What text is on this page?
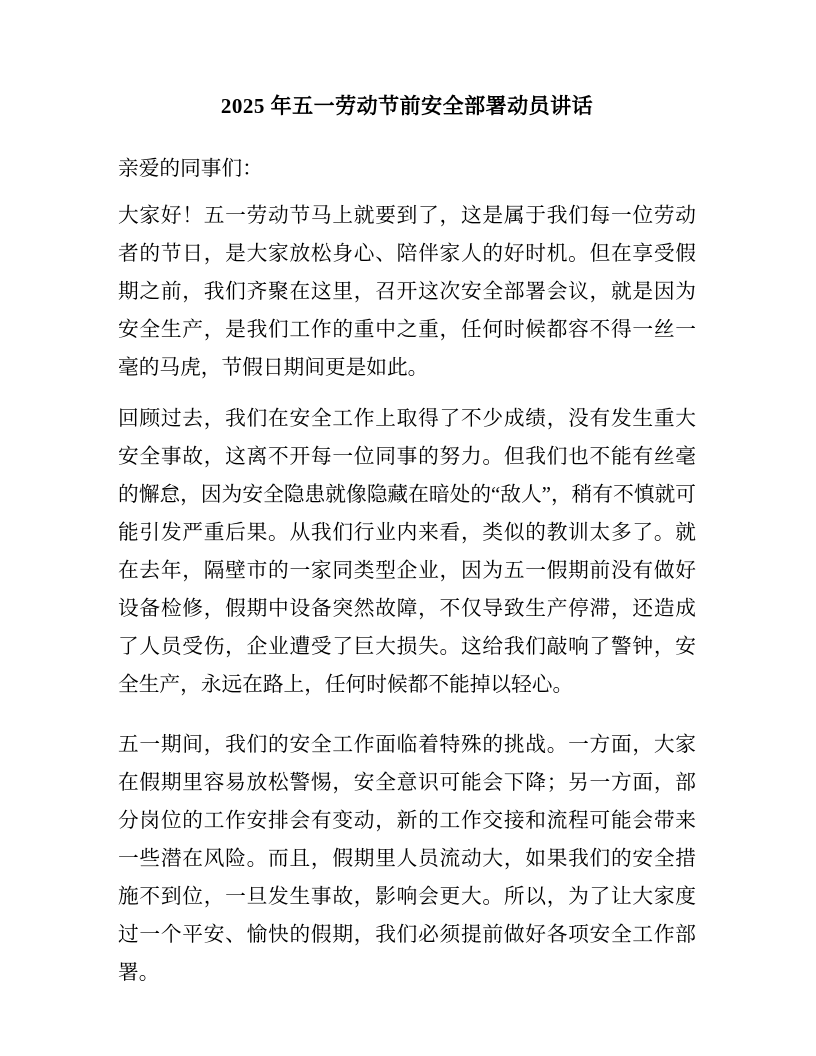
2025 年五一劳动节前安全部署动员讲话

亲爱的同事们：

大家好！五一劳动节马上就要到了，这是属于我们每一位劳动者的节日，是大家放松身心、陪伴家人的好时机。但在享受假期之前，我们齐聚在这里，召开这次安全部署会议，就是因为安全生产，是我们工作的重中之重，任何时候都容不得一丝一毫的马虎，节假日期间更是如此。

回顾过去，我们在安全工作上取得了不少成绩，没有发生重大安全事故，这离不开每一位同事的努力。但我们也不能有丝毫的懈怠，因为安全隐患就像隐藏在暗处的“敌人”，稍有不慎就可能引发严重后果。从我们行业内来看，类似的教训太多了。就在去年，隔壁市的一家同类型企业，因为五一假期前没有做好设备检修，假期中设备突然故障，不仅导致生产停滞，还造成了人员受伤，企业遭受了巨大损失。这给我们敲响了警钟，安全生产，永远在路上，任何时候都不能掉以轻心。

五一期间，我们的安全工作面临着特殊的挑战。一方面，大家在假期里容易放松警惕，安全意识可能会下降；另一方面，部分岗位的工作安排会有变动，新的工作交接和流程可能会带来一些潜在风险。而且，假期里人员流动大，如果我们的安全措施不到位，一旦发生事故，影响会更大。所以，为了让大家度过一个平安、愉快的假期，我们必须提前做好各项安全工作部署。
